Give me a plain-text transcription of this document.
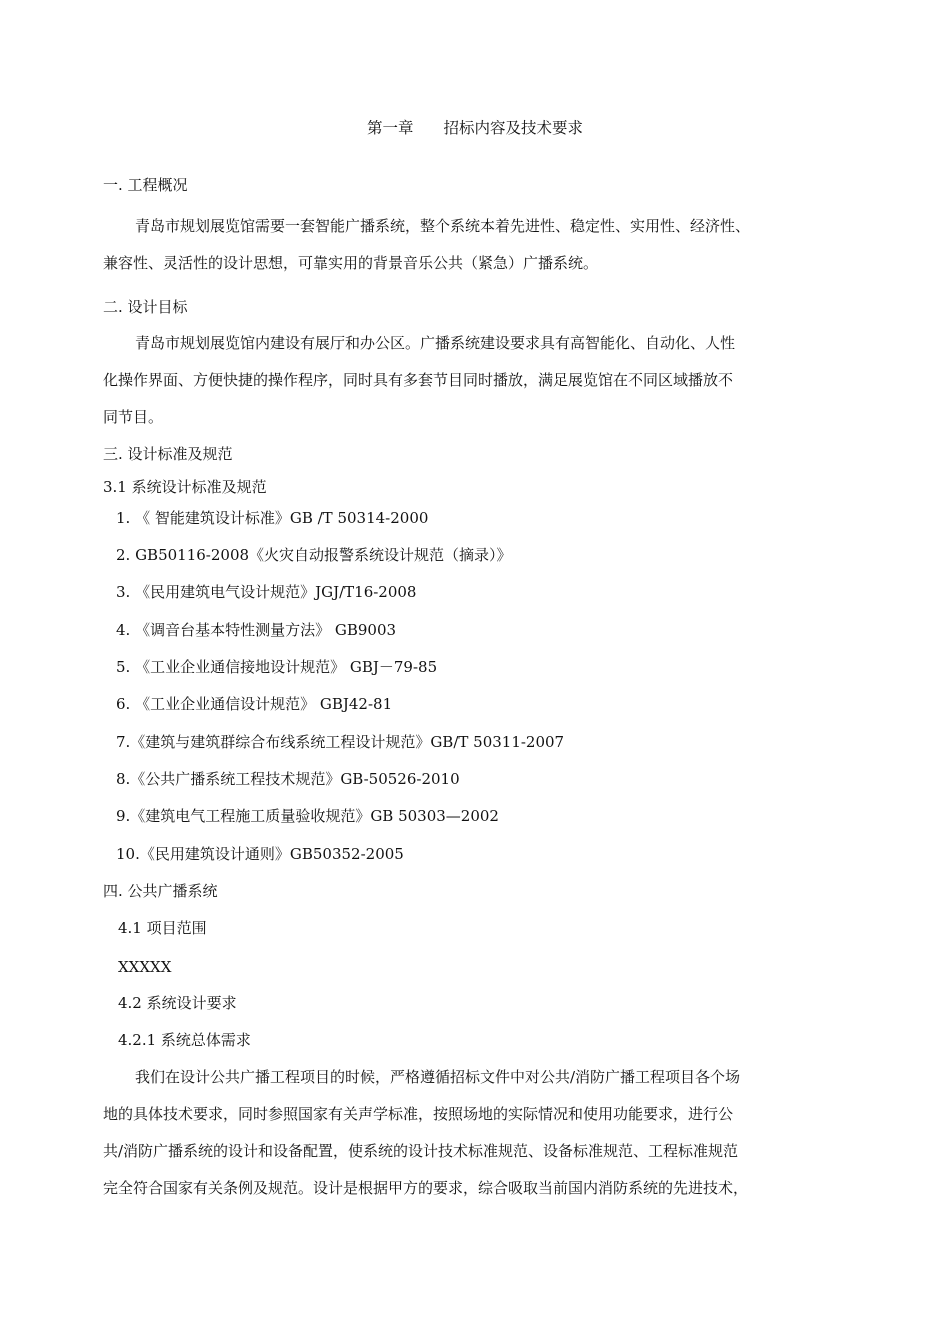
第一章 招标内容及技术要求
一. 工程概况
青岛市规划展览馆需要一套智能广播系统，整个系统本着先进性、稳定性、实用性、经济性、
兼容性、灵活性的设计思想，可靠实用的背景音乐公共（紧急）广播系统。
二. 设计目标
青岛市规划展览馆内建设有展厅和办公区。广播系统建设要求具有高智能化、自动化、人性
化操作界面、方便快捷的操作程序，同时具有多套节目同时播放，满足展览馆在不同区域播放不
同节目。
三. 设计标准及规范
3.1 系统设计标准及规范
1. 《 智能建筑设计标准》GB /T 50314-2000
2. GB50116-2008《火灾自动报警系统设计规范（摘录）》
3. 《民用建筑电气设计规范》JGJ/T16-2008
4. 《调音台基本特性测量方法》 GB9003
5. 《工业企业通信接地设计规范》 GBJ－79-85
6. 《工业企业通信设计规范》 GBJ42-81
7.《建筑与建筑群综合布线系统工程设计规范》GB/T 50311-2007
8.《公共广播系统工程技术规范》GB-50526-2010
9.《建筑电气工程施工质量验收规范》GB 50303—2002
10.《民用建筑设计通则》GB50352-2005
四. 公共广播系统
4.1 项目范围
XXXXX
4.2 系统设计要求
4.2.1 系统总体需求
我们在设计公共广播工程项目的时候，严格遵循招标文件中对公共/消防广播工程项目各个场
地的具体技术要求，同时参照国家有关声学标准，按照场地的实际情况和使用功能要求，进行公
共/消防广播系统的设计和设备配置，使系统的设计技术标准规范、设备标准规范、工程标准规范
完全符合国家有关条例及规范。设计是根据甲方的要求，综合吸取当前国内消防系统的先进技术，
